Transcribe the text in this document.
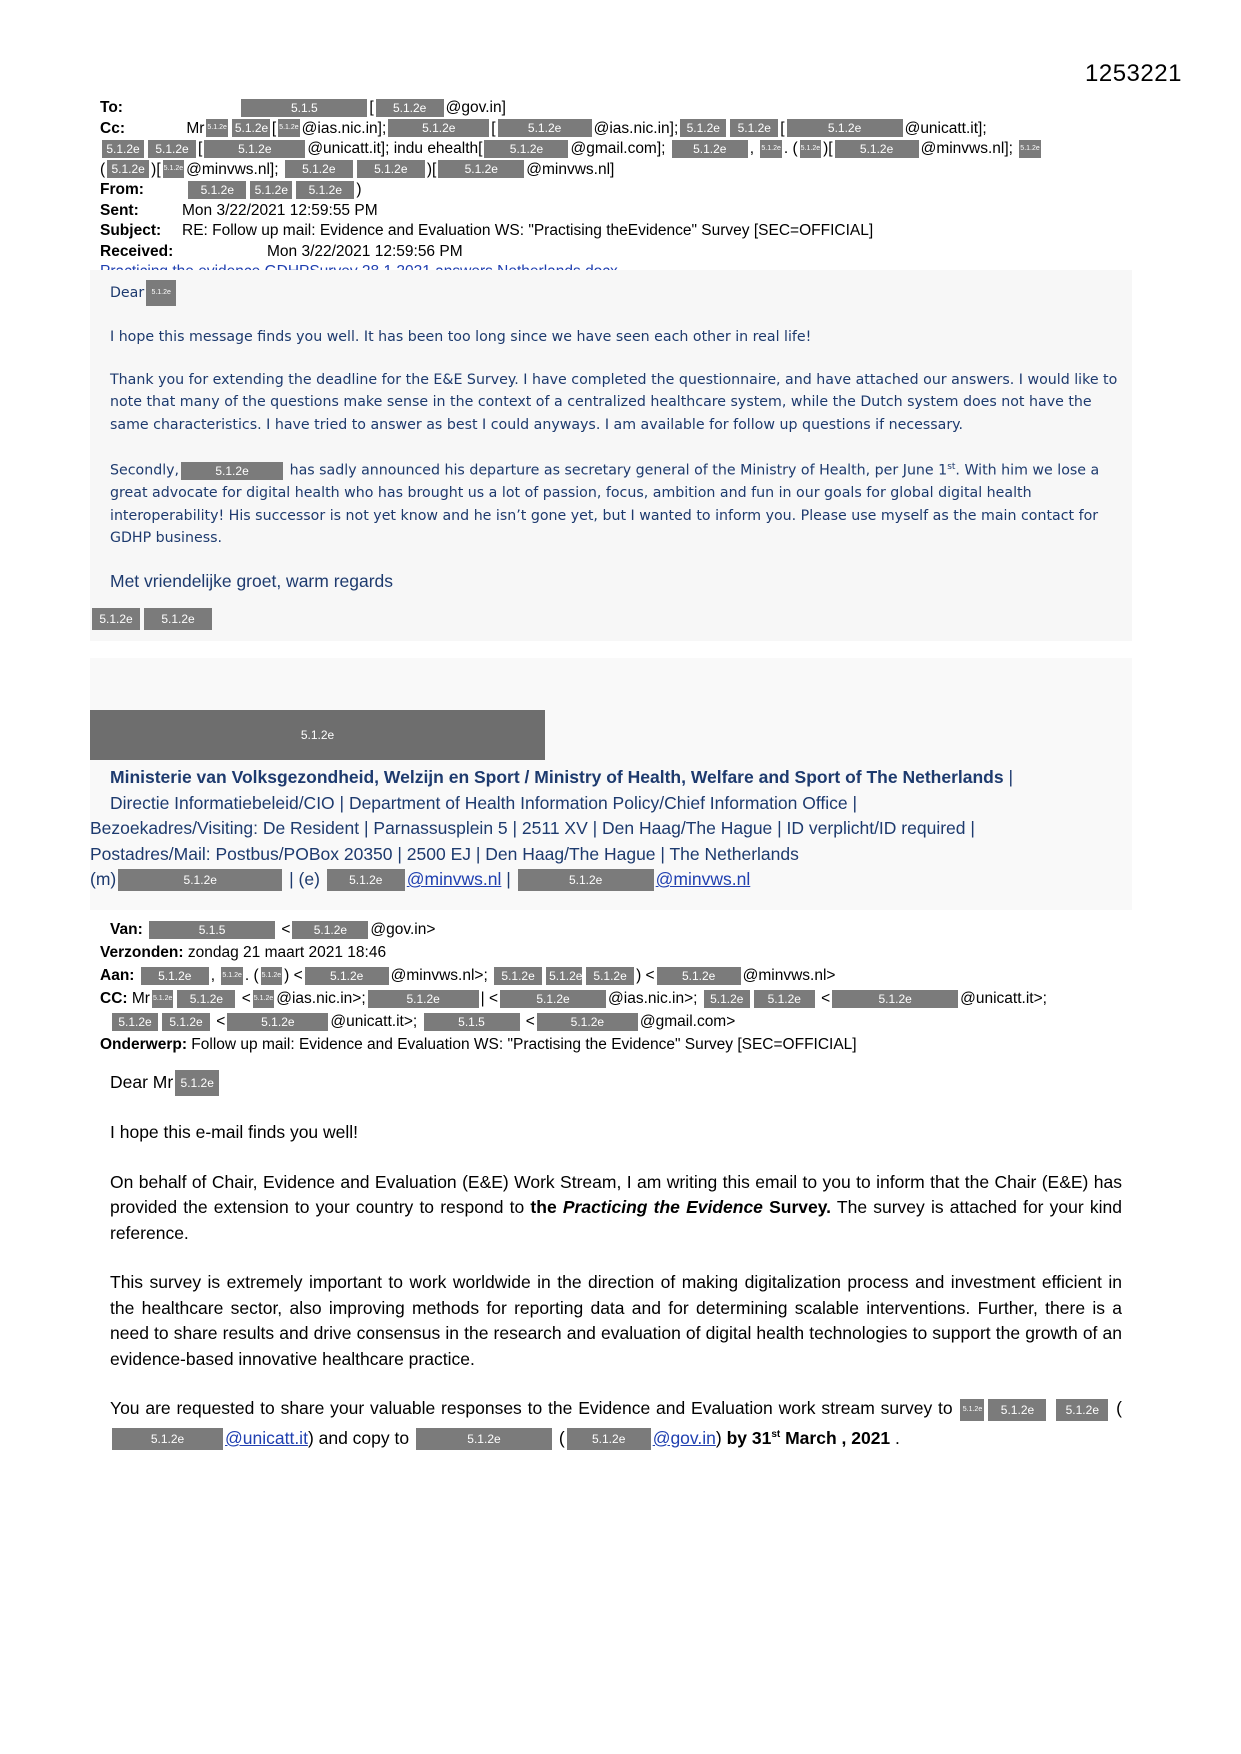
1253221
To:	5.1.5	[ 5.1.2e @gov.in]
Cc:	Mr 5.1.2e 5.1.2e [ 5.1.2e @ias.nic.in];	5.1.2e [	5.1.2e @ias.nic.in]; 5.1.2e 5.1.2e [	5.1.2e	@unicatt.it];
5.1.2e 5.1.2e [	5.1.2e @unicatt.it]; indu ehealth[ 5.1.2e @gmail.com]; 5.1.2e , 5.1.2e . ( 5.1.2e )[ 5.1.2e @minvws.nl]; 5.1.2e
( 5.1.2e )[ 5.1.2e @minvws.nl]; 5.1.2e	5.1.2e )[ 5.1.2e @minvws.nl]
From:	5.1.2e 5.1.2e 5.1.2e )
Sent:	Mon 3/22/2021 12:59:55 PM
Subject: RE: Follow up mail: Evidence and Evaluation WS: "Practising theEvidence" Survey [SEC=OFFICIAL]
Received:	Mon 3/22/2021 12:59:56 PM

Dear 5.1.2e

I hope this message finds you well. It has been too long since we have seen each other in real life!

Thank you for extending the deadline for the E&E Survey. I have completed the questionnaire, and have attached our answers. I would like to note that many of the questions make sense in the context of a centralized healthcare system, while the Dutch system does not have the same characteristics. I have tried to answer as best I could anyways. I am available for follow up questions if necessary.

Secondly,	5.1.2e	has sadly announced his departure as secretary general of the Ministry of Health, per June 1st. With him we lose a great advocate for digital health who has brought us a lot of passion, focus, ambition and fun in our goals for global digital health interoperability! His successor is not yet know and he isn’t gone yet, but I wanted to inform you. Please use myself as the main contact for GDHP business.

Met vriendelijke groet, warm regards

5.1.2e 5.1.2e
5.1.2e
Ministerie van Volksgezondheid, Welzijn en Sport / Ministry of Health, Welfare and Sport of The Netherlands |
Directie Informatiebeleid/CIO | Department of Health Information Policy/Chief Information Office |
Bezoekadres/Visiting: De Resident | Parnassusplein 5 | 2511 XV | Den Haag/The Hague | ID verplicht/ID required |
Postadres/Mail: Postbus/POBox 20350 | 2500 EJ | Den Haag/The Hague | The Netherlands
(m)	5.1.2e	| (e) 5.1.2e @minvws.nl |	5.1.2e	@minvws.nl
Van:	5.1.5	< 5.1.2e @gov.in>
Verzonden: zondag 21 maart 2021 18:46
Aan: 5.1.2e , 5.1.2e . ( 5.1.2e ) < 5.1.2e @minvws.nl>; 5.1.2e 5.1.2e 5.1.2e ) < 5.1.2e @minvws.nl>
CC: Mr 5.1.2e 5.1.2e < 5.1.2e @ias.nic.in>;	5.1.2e	| <	5.1.2e @ias.nic.in>; 5.1.2e 5.1.2e <	5.1.2e	@unicatt.it>;
5.1.2e 5.1.2e <	5.1.2e @unicatt.it>;	5.1.5 <	5.1.2e @gmail.com>
Onderwerp: Follow up mail: Evidence and Evaluation WS: "Practising the Evidence" Survey [SEC=OFFICIAL]

Dear Mr 5.1.2e

I hope this e-mail finds you well!

On behalf of Chair, Evidence and Evaluation (E&E) Work Stream, I am writing this email to you to inform that the Chair (E&E) has provided the extension to your country to respond to the Practicing the Evidence Survey. The survey is attached for your kind reference.

This survey is extremely important to work worldwide in the direction of making digitalization process and investment efficient in the healthcare sector, also improving methods for reporting data and for determining scalable interventions. Further, there is a need to share results and drive consensus in the research and evaluation of digital health technologies to support the growth of an evidence-based innovative healthcare practice.

You are requested to share your valuable responses to the Evidence and Evaluation work stream survey to 5.1.2e 5.1.2e	5.1.2e (5.1.2e @unicatt.it) and copy to	5.1.2e	( 5.1.2e @gov.in) by 31st March , 2021 .
